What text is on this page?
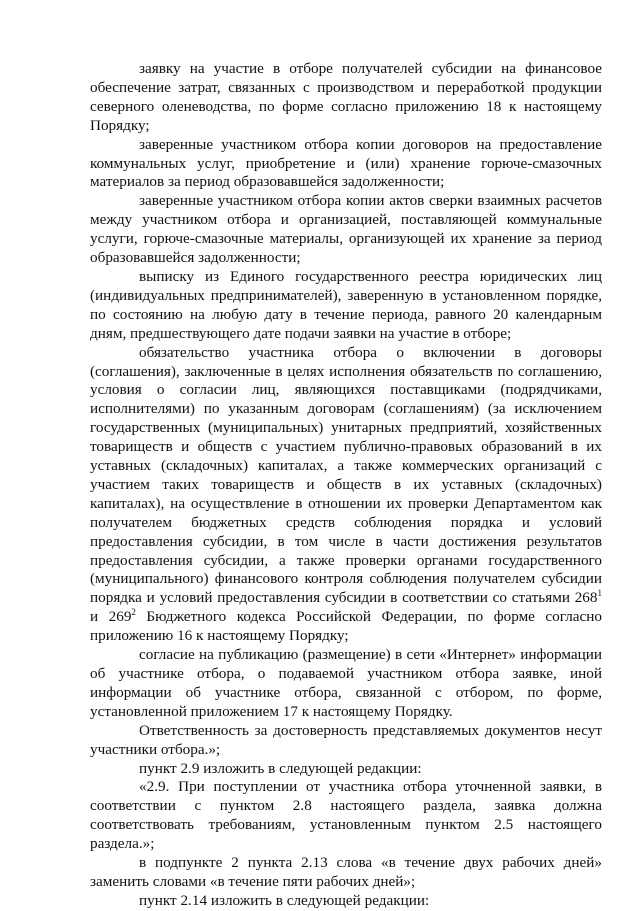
заявку на участие в отборе получателей субсидии на финансовое обеспечение затрат, связанных с производством и переработкой продукции северного оленеводства, по форме согласно приложению 18 к настоящему Порядку;

заверенные участником отбора копии договоров на предоставление коммунальных услуг, приобретение и (или) хранение горюче-смазочных материалов за период образовавшейся задолженности;

заверенные участником отбора копии актов сверки взаимных расчетов между участником отбора и организацией, поставляющей коммунальные услуги, горюче-смазочные материалы, организующей их хранение за период образовавшейся задолженности;

выписку из Единого государственного реестра юридических лиц (индивидуальных предпринимателей), заверенную в установленном порядке, по состоянию на любую дату в течение периода, равного 20 календарным дням, предшествующего дате подачи заявки на участие в отборе;

обязательство участника отбора о включении в договоры (соглашения), заключенные в целях исполнения обязательств по соглашению, условия о согласии лиц, являющихся поставщиками (подрядчиками, исполнителями) по указанным договорам (соглашениям) (за исключением государственных (муниципальных) унитарных предприятий, хозяйственных товариществ и обществ с участием публично-правовых образований в их уставных (складочных) капиталах, а также коммерческих организаций с участием таких товариществ и обществ в их уставных (складочных) капиталах), на осуществление в отношении их проверки Департаментом как получателем бюджетных средств соблюдения порядка и условий предоставления субсидии, в том числе в части достижения результатов предоставления субсидии, а также проверки органами государственного (муниципального) финансового контроля соблюдения получателем субсидии порядка и условий предоставления субсидии в соответствии со статьями $268^1$ и $269^2$ Бюджетного кодекса Российской Федерации, по форме согласно приложению 16 к настоящему Порядку;

согласие на публикацию (размещение) в сети «Интернет» информации об участнике отбора, о подаваемой участником отбора заявке, иной информации об участнике отбора, связанной с отбором, по форме, установленной приложением 17 к настоящему Порядку.

Ответственность за достоверность представляемых документов несут участники отбора.»;

пункт 2.9 изложить в следующей редакции:

«2.9. При поступлении от участника отбора уточненной заявки, в соответствии с пунктом 2.8 настоящего раздела, заявка должна соответствовать требованиям, установленным пунктом 2.5 настоящего раздела.»;

в подпункте 2 пункта 2.13 слова «в течение двух рабочих дней» заменить словами «в течение пяти рабочих дней»;

пункт 2.14 изложить в следующей редакции:
